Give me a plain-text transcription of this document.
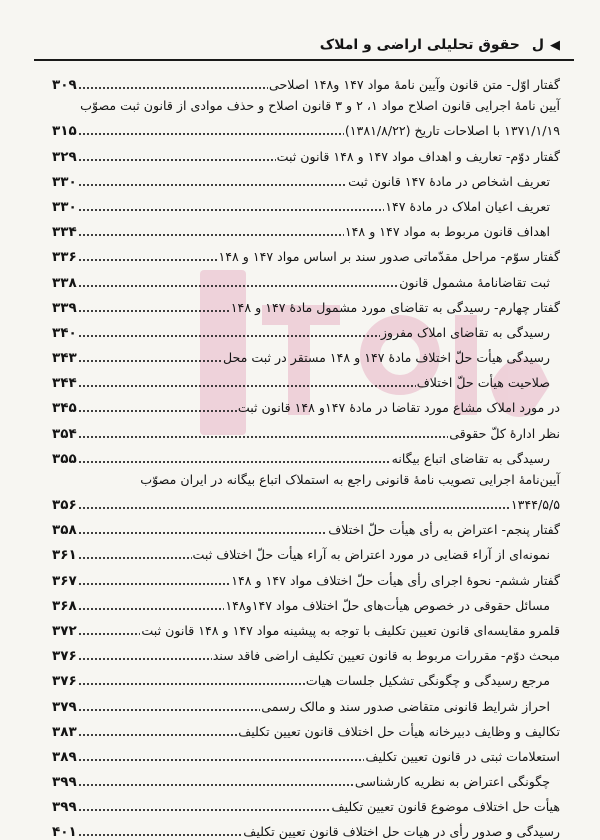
◀
ل
حقوق تحلیلی اراضی و املاک
گفتار اوّل- متن قانون وآیین نامهٔ مواد ۱۴۷ و۱۴۸ اصلاحی
۳۰۹
آیین نامهٔ اجرایی قانون اصلاح مواد ۱، ۲ و ۳ قانون اصلاح و حذف موادی از قانون ثبت مصوّب
۱۳۷۱/۱/۱۹ با اصلاحات تاریخ (۱۳۸۱/۸/۲۲)
۳۱۵
گفتار دوّم- تعاریف و اهداف مواد ۱۴۷ و ۱۴۸ قانون ثبت
۳۲۹
تعریف اشخاص در مادهٔ ۱۴۷ قانون ثبت
۳۳۰
تعریف اعیان املاک در مادهٔ ۱۴۷
۳۳۰
اهداف قانون مربوط به مواد ۱۴۷ و ۱۴۸
۳۳۴
گفتار سوّم- مراحل مقدّماتی صدور سند بر اساس مواد ۱۴۷ و ۱۴۸
۳۳۶
ثبت تقاضانامهٔ مشمول قانون
۳۳۸
گفتار چهارم- رسیدگی به تقاضای مورد مشمول مادهٔ ۱۴۷ و ۱۴۸
۳۳۹
رسیدگی به تقاضای املاک مفروز
۳۴۰
رسیدگی هیأت حلّ اختلاف مادهٔ ۱۴۷ و ۱۴۸ مستقر در ثبت محل
۳۴۳
صلاحیت هیأت حلّ اختلاف
۳۴۴
در مورد املاک مشاع مورد تقاضا در مادهٔ ۱۴۷و ۱۴۸ قانون ثبت
۳۴۵
نظر ادارهٔ کلّ حقوقی
۳۵۴
رسیدگی به تقاضای اتباع بیگانه
۳۵۵
آیین‌نامهٔ اجرایی تصویب نامهٔ قانونی راجع به استملاک اتباع بیگانه در ایران مصوّب
۱۳۴۴/۵/۵
۳۵۶
گفتار پنجم- اعتراض به رأی هیأت حلّ اختلاف
۳۵۸
نمونه‌ای از آراء قضایی در مورد اعتراض به آراء هیأت حلّ اختلاف ثبت
۳۶۱
گفتار ششم- نحوهٔ اجرای رأی هیأت حلّ اختلاف مواد ۱۴۷ و ۱۴۸
۳۶۷
مسائل حقوقی در خصوص هیأت‌های حلّ اختلاف مواد ۱۴۷و۱۴۸
۳۶۸
قلمرو مقایسه‌ای قانون تعیین تکلیف با توجه به پیشینه مواد ۱۴۷ و ۱۴۸ قانون ثبت
۳۷۲
مبحث دوّم- مقررات مربوط به قانون تعیین تکلیف اراضی فاقد سند
۳۷۶
مرجع رسیدگی و چگونگی تشکیل جلسات هیات
۳۷۶
احراز شرایط قانونی متقاضی صدور سند و مالک رسمی
۳۷۹
تکالیف و وظایف دبیرخانه هیأت حل اختلاف قانون تعیین تکلیف
۳۸۳
استعلامات ثبتی در قانون تعیین تکلیف
۳۸۹
چگونگی اعتراض به نظریه کارشناسی
۳۹۹
هیأت حل اختلاف موضوع قانون تعیین تکلیف
۳۹۹
رسیدگی و صدور رأی در هیات حل اختلاف قانون تعیین تکلیف
۴۰۱
